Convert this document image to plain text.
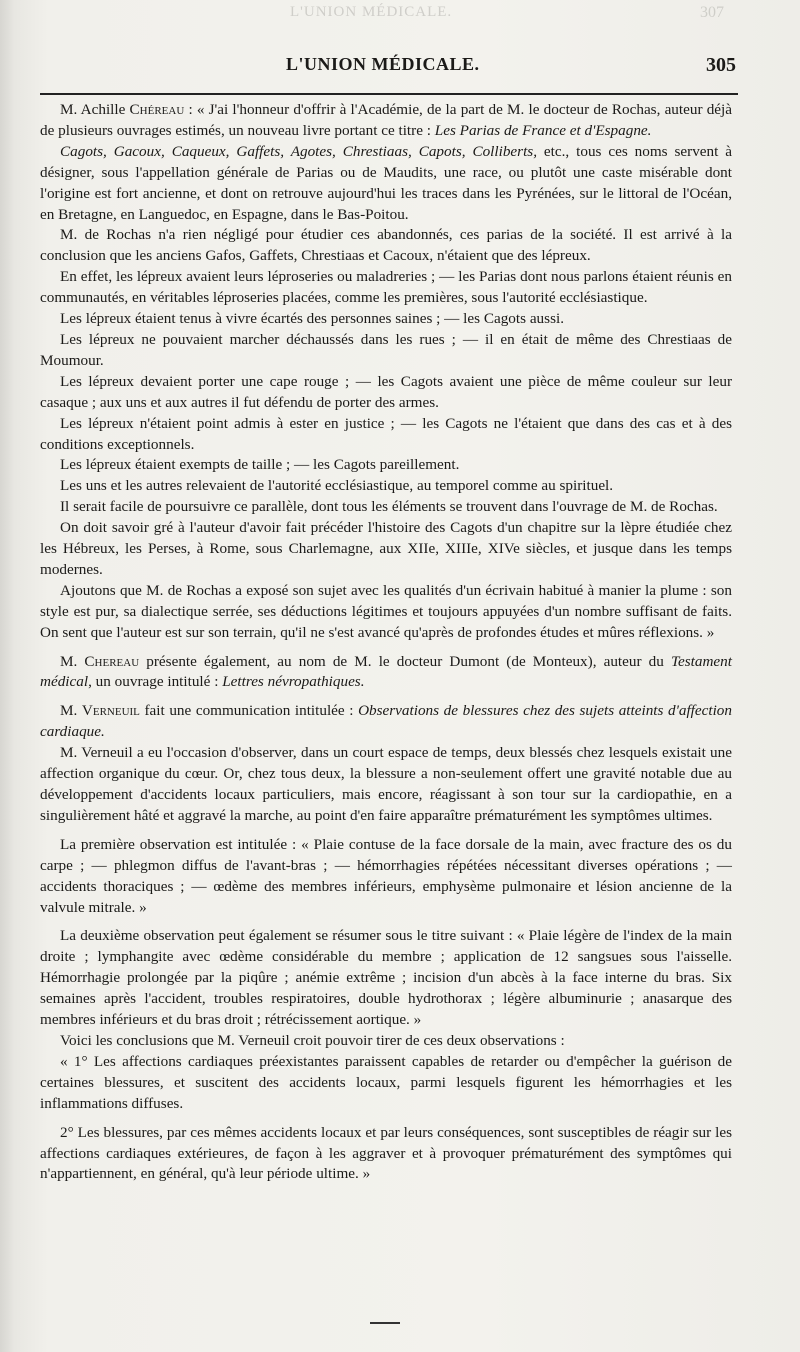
L'UNION MÉDICALE.	307
L'UNION MÉDICALE.	305

M. Achille Chéreau : « J'ai l'honneur d'offrir à l'Académie, de la part de M. le docteur de Rochas, auteur déjà de plusieurs ouvrages estimés, un nouveau livre portant ce titre : Les Parias de France et d'Espagne.

Cagots, Gacoux, Caqueux, Gaffets, Agotes, Chrestiaas, Capots, Colliberts, etc., tous ces noms servent à désigner, sous l'appellation générale de Parias ou de Maudits, une race, ou plutôt une caste misérable dont l'origine est fort ancienne, et dont on retrouve aujourd'hui les traces dans les Pyrénées, sur le littoral de l'Océan, en Bretagne, en Languedoc, en Espagne, dans le Bas-Poitou.

M. de Rochas n'a rien négligé pour étudier ces abandonnés, ces parias de la société. Il est arrivé à la conclusion que les anciens Gafos, Gaffets, Chrestiaas et Cacoux, n'étaient que des lépreux.

En effet, les lépreux avaient leurs léproseries ou maladreries ; — les Parias dont nous parlons étaient réunis en communautés, en véritables léproseries placées, comme les premières, sous l'autorité ecclésiastique.

Les lépreux étaient tenus à vivre écartés des personnes saines ; — les Cagots aussi.

Les lépreux ne pouvaient marcher déchaussés dans les rues ; — il en était de même des Chrestiaas de Moumour.

Les lépreux devaient porter une cape rouge ; — les Cagots avaient une pièce de même couleur sur leur casaque ; aux uns et aux autres il fut défendu de porter des armes.

Les lépreux n'étaient point admis à ester en justice ; — les Cagots ne l'étaient que dans des cas et à des conditions exceptionnels.

Les lépreux étaient exempts de taille ; — les Cagots pareillement.

Les uns et les autres relevaient de l'autorité ecclésiastique, au temporel comme au spirituel.

Il serait facile de poursuivre ce parallèle, dont tous les éléments se trouvent dans l'ouvrage de M. de Rochas.

On doit savoir gré à l'auteur d'avoir fait précéder l'histoire des Cagots d'un chapitre sur la lèpre étudiée chez les Hébreux, les Perses, à Rome, sous Charlemagne, aux XIIe, XIIIe, XIVe siècles, et jusque dans les temps modernes.

Ajoutons que M. de Rochas a exposé son sujet avec les qualités d'un écrivain habitué à manier la plume : son style est pur, sa dialectique serrée, ses déductions légitimes et toujours appuyées d'un nombre suffisant de faits. On sent que l'auteur est sur son terrain, qu'il ne s'est avancé qu'après de profondes études et mûres réflexions. »

M. Chereau présente également, au nom de M. le docteur Dumont (de Monteux), auteur du Testament médical, un ouvrage intitulé : Lettres névropathiques.

M. Verneuil fait une communication intitulée : Observations de blessures chez des sujets atteints d'affection cardiaque.

M. Verneuil a eu l'occasion d'observer, dans un court espace de temps, deux blessés chez lesquels existait une affection organique du cœur. Or, chez tous deux, la blessure a non-seulement offert une gravité notable due au développement d'accidents locaux particuliers, mais encore, réagissant à son tour sur la cardiopathie, en a singulièrement hâté et aggravé la marche, au point d'en faire apparaître prématurément les symptômes ultimes.

La première observation est intitulée : « Plaie contuse de la face dorsale de la main, avec fracture des os du carpe ; — phlegmon diffus de l'avant-bras ; — hémorrhagies répétées nécessitant diverses opérations ; — accidents thoraciques ; — œdème des membres inférieurs, emphysème pulmonaire et lésion ancienne de la valvule mitrale. »

La deuxième observation peut également se résumer sous le titre suivant : « Plaie légère de l'index de la main droite ; lymphangite avec œdème considérable du membre ; application de 12 sangsues sous l'aisselle. Hémorrhagie prolongée par la piqûre ; anémie extrême ; incision d'un abcès à la face interne du bras. Six semaines après l'accident, troubles respiratoires, double hydrothorax ; légère albuminurie ; anasarque des membres inférieurs et du bras droit ; rétrécissement aortique. »

Voici les conclusions que M. Verneuil croit pouvoir tirer de ces deux observations :

« 1° Les affections cardiaques préexistantes paraissent capables de retarder ou d'empêcher la guérison de certaines blessures, et suscitent des accidents locaux, parmi lesquels figurent les hémorrhagies et les inflammations diffuses.

2° Les blessures, par ces mêmes accidents locaux et par leurs conséquences, sont susceptibles de réagir sur les affections cardiaques extérieures, de façon à les aggraver et à provoquer prématurément des symptômes qui n'appartiennent, en général, qu'à leur période ultime. »
